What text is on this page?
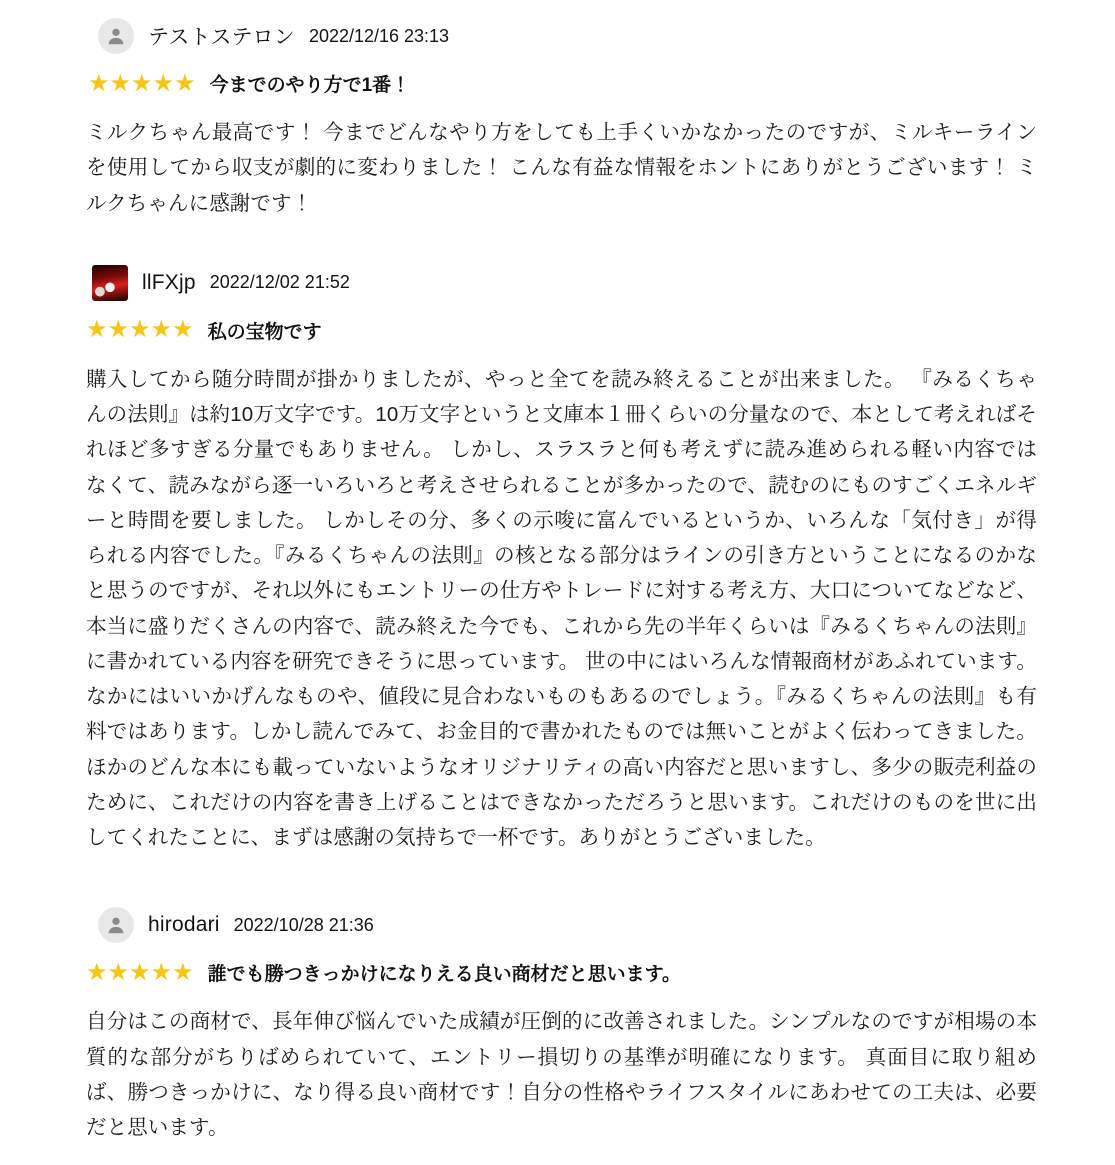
テストステロン 2022/12/16 23:13
★★★★★ 今までのやり方で1番！
ミルクちゃん最高です！ 今までどんなやり方をしても上手くいかなかったのですが、ミルキーラインを使用してから収支が劇的に変わりました！ こんな有益な情報をホントにありがとうございます！ ミルクちゃんに感謝です！
llFXjp 2022/12/02 21:52
★★★★★ 私の宝物です
購入してから随分時間が掛かりましたが、やっと全てを読み終えることが出来ました。 『みるくちゃんの法則』は約10万文字です。10万文字というと文庫本１冊くらいの分量なので、本として考えればそれほど多すぎる分量でもありません。 しかし、スラスラと何も考えずに読み進められる軽い内容ではなくて、読みながら逐一いろいろと考えさせられることが多かったので、読むのにものすごくエネルギーと時間を要しました。 しかしその分、多くの示唆に富んでいるというか、いろんな「気付き」が得られる内容でした。『みるくちゃんの法則』の核となる部分はラインの引き方ということになるのかなと思うのですが、それ以外にもエントリーの仕方やトレードに対する考え方、大口についてなどなど、本当に盛りだくさんの内容で、読み終えた今でも、これから先の半年くらいは『みるくちゃんの法則』に書かれている内容を研究できそうに思っています。 世の中にはいろんな情報商材があふれています。なかにはいいかげんなものや、値段に見合わないものもあるのでしょう。『みるくちゃんの法則』も有料ではあります。しかし読んでみて、お金目的で書かれたものでは無いことがよく伝わってきました。ほかのどんな本にも載っていないようなオリジナリティの高い内容だと思いますし、多少の販売利益のために、これだけの内容を書き上げることはできなかっただろうと思います。これだけのものを世に出してくれたことに、まずは感謝の気持ちで一杯です。ありがとうございました。
hirodari 2022/10/28 21:36
★★★★★ 誰でも勝つきっかけになりえる良い商材だと思います。
自分はこの商材で、長年伸び悩んでいた成績が圧倒的に改善されました。シンプルなのですが相場の本質的な部分がちりばめられていて、エントリー損切りの基準が明確になります。 真面目に取り組めば、勝つきっかけに、なり得る良い商材です！自分の性格やライフスタイルにあわせての工夫は、必要だと思います。
